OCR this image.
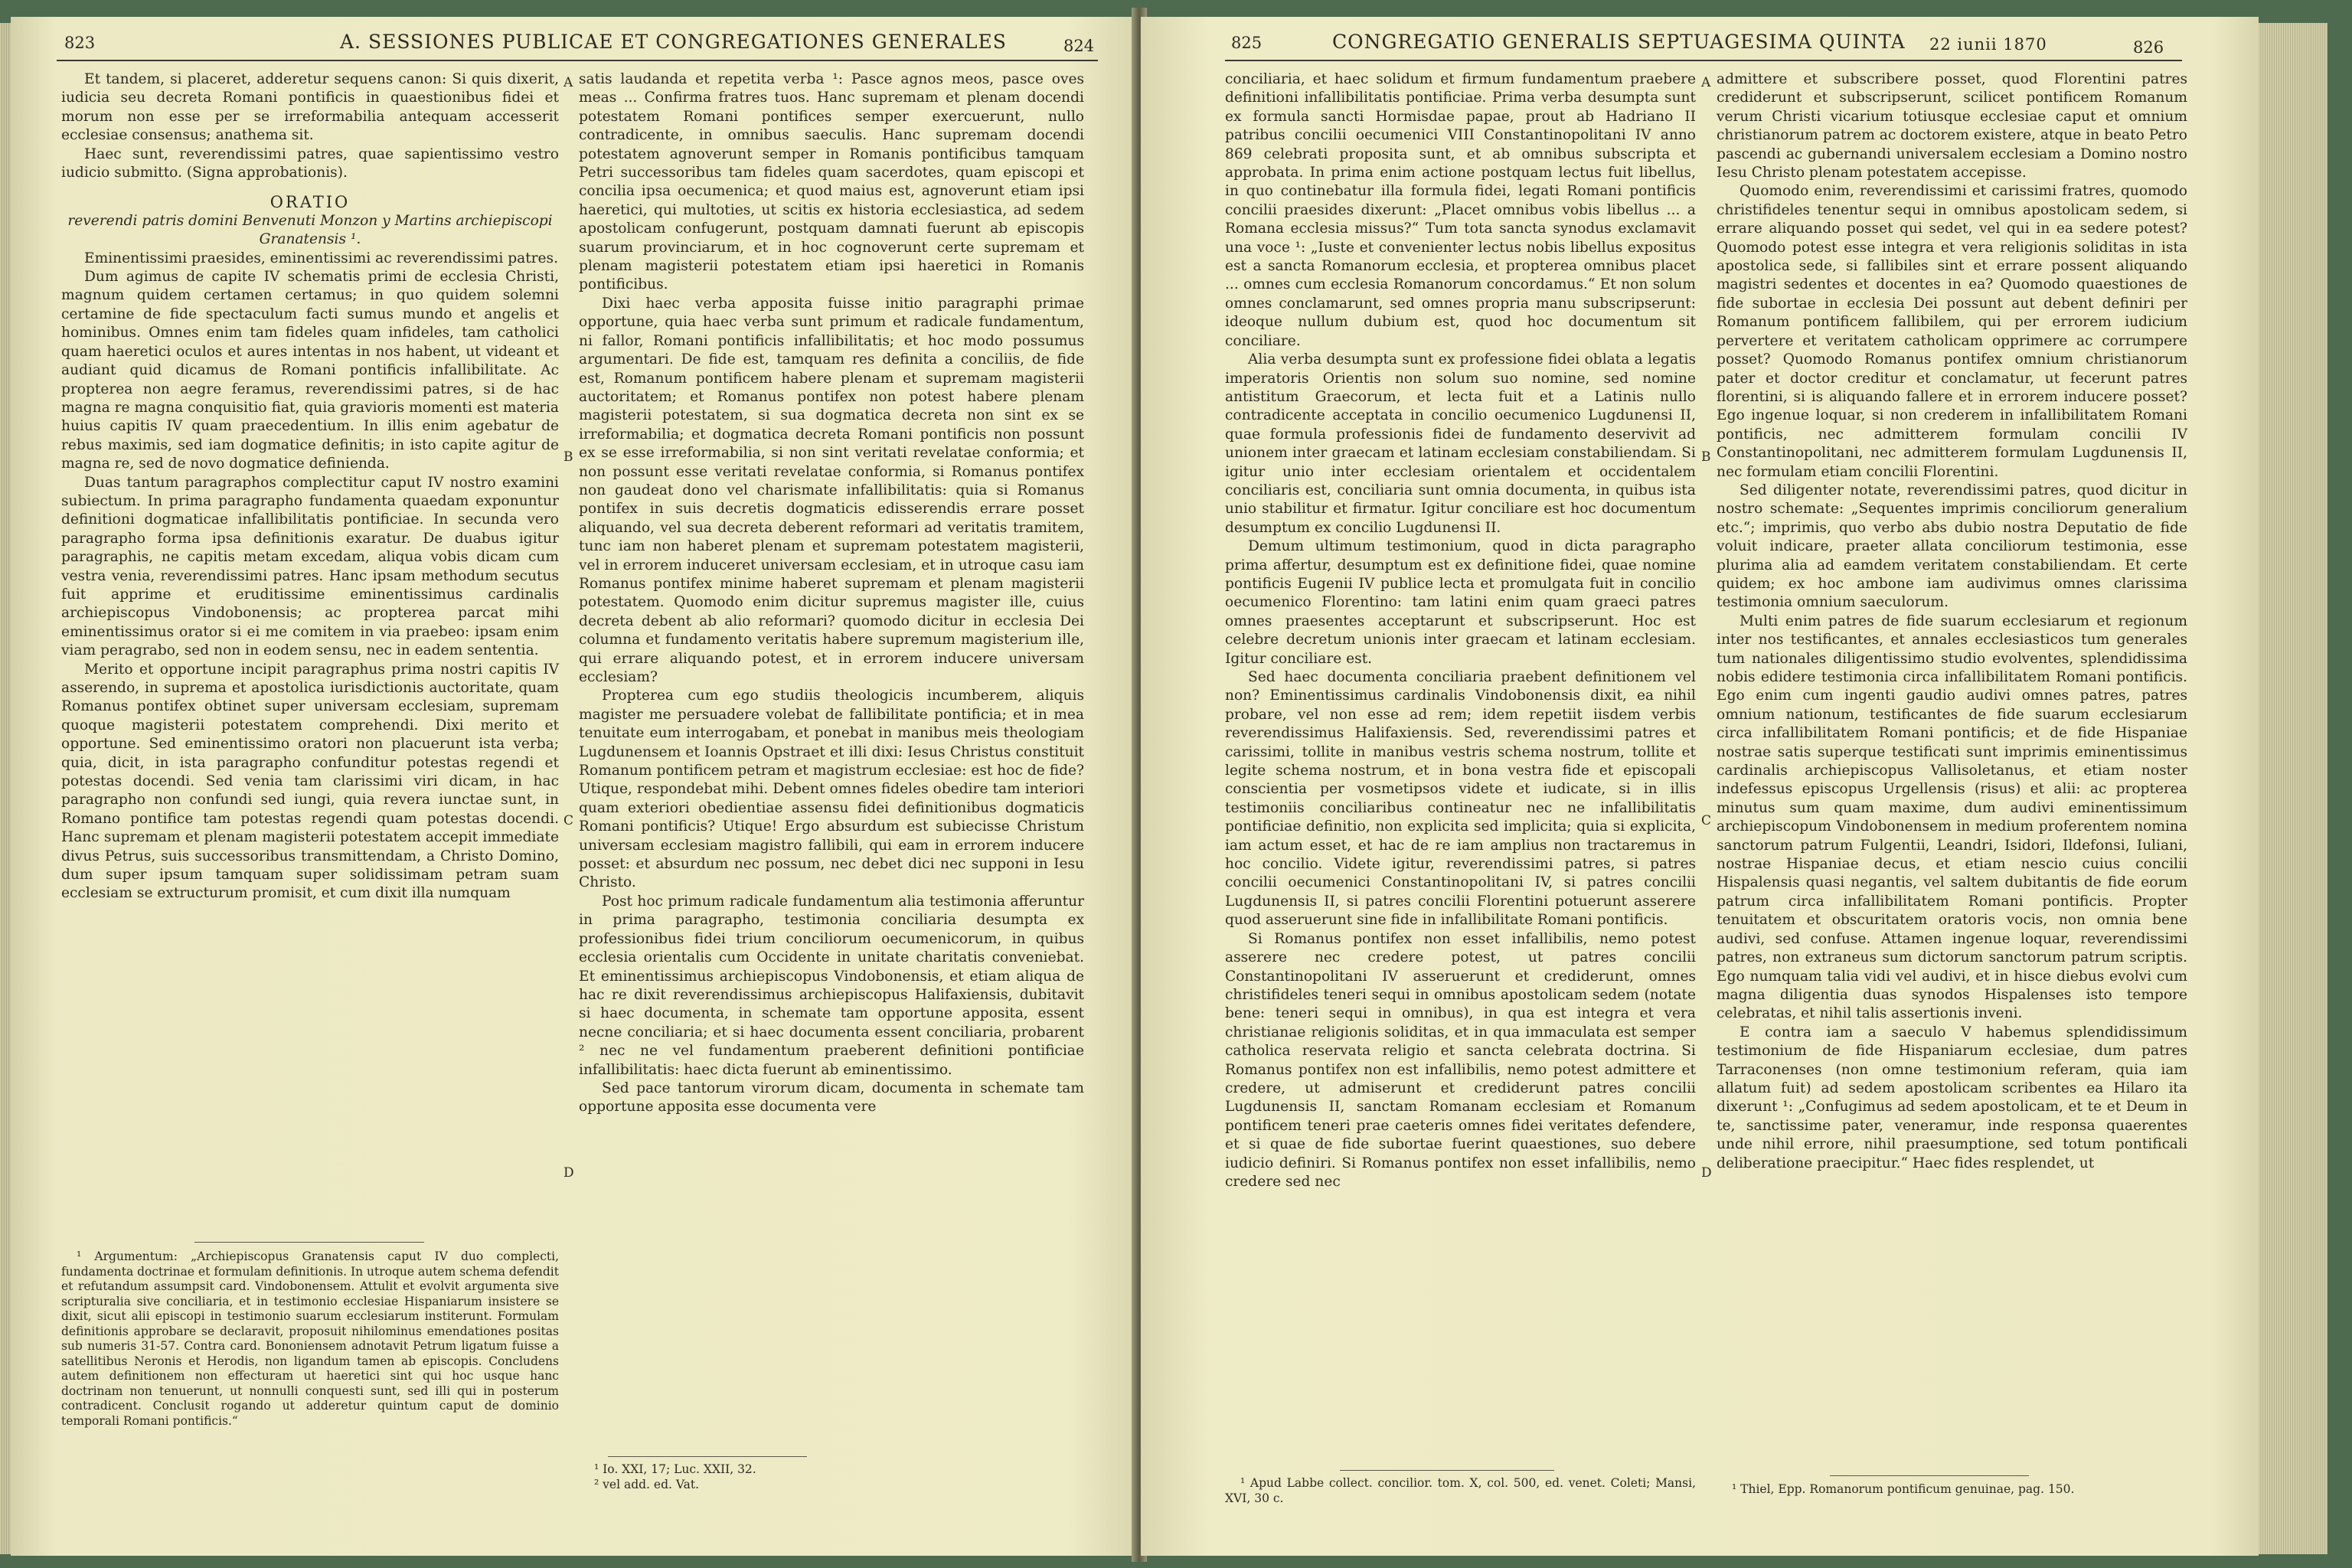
823	A. SESSIONES PUBLICAE ET CONGREGATIONES GENERALES	824

Et tandem, si placeret, adderetur sequens canon: Si quis dixerit, iudicia seu decreta Romani pontificis in quaestionibus fidei et morum non esse per se irreformabilia antequam accesserit ecclesiae consensus; anathema sit.

Haec sunt, reverendissimi patres, quae sapientissimo vestro iudicio submitto. (Signa approbationis).

ORATIO

reverendi patris domini Benvenuti Monzon y Martins archiepiscopi Granatensis ¹.

Eminentissimi praesides, eminentissimi ac reverendissimi patres.

Dum agimus de capite IV schematis primi de ecclesia Christi, magnum quidem certamen certamus; in quo quidem solemni certamine de fide spectaculum facti sumus mundo et angelis et hominibus. Omnes enim tam fideles quam infideles, tam catholici quam haeretici oculos et aures intentas in nos habent, ut videant et audiant quid dicamus de Romani pontificis infallibilitate. Ac propterea non aegre feramus, reverendissimi patres, si de hac magna re magna conquisitio fiat, quia gravioris momenti est materia huius capitis IV quam praecedentium. In illis enim agebatur de rebus maximis, sed iam dogmatice definitis; in isto capite agitur de magna re, sed de novo dogmatice definienda.

Duas tantum paragraphos complectitur caput IV nostro examini subiectum. In prima paragrapho fundamenta quaedam exponuntur definitioni dogmaticae infallibilitatis pontificiae. In secunda vero paragrapho forma ipsa definitionis exaratur. De duabus igitur paragraphis, ne capitis metam excedam, aliqua vobis dicam cum vestra venia, reverendissimi patres. Hanc ipsam methodum secutus fuit apprime et eruditissime eminentissimus cardinalis archiepiscopus Vindobonensis; ac propterea parcat mihi eminentissimus orator si ei me comitem in via praebeo: ipsam enim viam peragrabo, sed non in eodem sensu, nec in eadem sententia.

Merito et opportune incipit paragraphus prima nostri capitis IV asserendo, in suprema et apostolica iurisdictionis auctoritate, quam Romanus pontifex obtinet super universam ecclesiam, supremam quoque magisterii potestatem comprehendi. Dixi merito et opportune. Sed eminentissimo oratori non placuerunt ista verba; quia, dicit, in ista paragrapho confunditur potestas regendi et potestas docendi. Sed venia tam clarissimi viri dicam, in hac paragrapho non confundi sed iungi, quia revera iunctae sunt, in Romano pontifice tam potestas regendi quam potestas docendi. Hanc supremam et plenam magisterii potestatem accepit immediate divus Petrus, suis successoribus transmittendam, a Christo Domino, dum super ipsum tamquam super solidissimam petram suam ecclesiam se extructurum promisit, et cum dixit illa numquam

¹ Argumentum: „Archiepiscopus Granatensis caput IV duo complecti, fundamenta doctrinae et formulam definitionis. In utroque autem schema defendit et refutandum assumpsit card. Vindobonensem. Attulit et evolvit argumenta sive scripturalia sive conciliaria, et in testimonio ecclesiae Hispaniarum insistere se dixit, sicut alii episcopi in testimonio suarum ecclesiarum institerunt. Formulam definitionis approbare se declaravit, proposuit nihilominus emendationes positas sub numeris 31-57. Contra card. Bononiensem adnotavit Petrum ligatum fuisse a satellitibus Neronis et Herodis, non ligandum tamen ab episcopis. Concludens autem definitionem non effecturam ut haeretici sint qui hoc usque hanc doctrinam non tenuerunt, ut nonnulli conquesti sunt, sed illi qui in posterum contradicent. Conclusit rogando ut adderetur quintum caput de dominio temporali Romani pontificis.“

A
B
C
D

satis laudanda et repetita verba ¹: Pasce agnos meos, pasce oves meas ... Confirma fratres tuos. Hanc supremam et plenam docendi potestatem Romani pontifices semper exercuerunt, nullo contradicente, in omnibus saeculis. Hanc supremam docendi potestatem agnoverunt semper in Romanis pontificibus tamquam Petri successoribus tam fideles quam sacerdotes, quam episcopi et concilia ipsa oecumenica; et quod maius est, agnoverunt etiam ipsi haeretici, qui multoties, ut scitis ex historia ecclesiastica, ad sedem apostolicam confugerunt, postquam damnati fuerunt ab episcopis suarum provinciarum, et in hoc cognoverunt certe supremam et plenam magisterii potestatem etiam ipsi haeretici in Romanis pontificibus.

Dixi haec verba apposita fuisse initio paragraphi primae opportune, quia haec verba sunt primum et radicale fundamentum, ni fallor, Romani pontificis infallibilitatis; et hoc modo possumus argumentari. De fide est, tamquam res definita a conciliis, de fide est, Romanum pontificem habere plenam et supremam magisterii auctoritatem; et Romanus pontifex non potest habere plenam magisterii potestatem, si sua dogmatica decreta non sint ex se irreformabilia; et dogmatica decreta Romani pontificis non possunt ex se esse irreformabilia, si non sint veritati revelatae conformia; et non possunt esse veritati revelatae conformia, si Romanus pontifex non gaudeat dono vel charismate infallibilitatis: quia si Romanus pontifex in suis decretis dogmaticis edisserendis errare posset aliquando, vel sua decreta deberent reformari ad veritatis tramitem, tunc iam non haberet plenam et supremam potestatem magisterii, vel in errorem induceret universam ecclesiam, et in utroque casu iam Romanus pontifex minime haberet supremam et plenam magisterii potestatem. Quomodo enim dicitur supremus magister ille, cuius decreta debent ab alio reformari? quomodo dicitur in ecclesia Dei columna et fundamento veritatis habere supremum magisterium ille, qui errare aliquando potest, et in errorem inducere universam ecclesiam?

Propterea cum ego studiis theologicis incumberem, aliquis magister me persuadere volebat de fallibilitate pontificia; et in mea tenuitate eum interrogabam, et ponebat in manibus meis theologiam Lugdunensem et Ioannis Opstraet et illi dixi: Iesus Christus constituit Romanum pontificem petram et magistrum ecclesiae: est hoc de fide? Utique, respondebat mihi. Debent omnes fideles obedire tam interiori quam exteriori obedientiae assensu fidei definitionibus dogmaticis Romani pontificis? Utique! Ergo absurdum est subiecisse Christum universam ecclesiam magistro fallibili, qui eam in errorem inducere posset: et absurdum nec possum, nec debet dici nec supponi in Iesu Christo.

Post hoc primum radicale fundamentum alia testimonia afferuntur in prima paragrapho, testimonia conciliaria desumpta ex professionibus fidei trium conciliorum oecumenicorum, in quibus ecclesia orientalis cum Occidente in unitate charitatis conveniebat. Et eminentissimus archiepiscopus Vindobonensis, et etiam aliqua de hac re dixit reverendissimus archiepiscopus Halifaxiensis, dubitavit si haec documenta, in schemate tam opportune apposita, essent necne conciliaria; et si haec documenta essent conciliaria, probarent ² nec ne vel fundamentum praeberent definitioni pontificiae infallibilitatis: haec dicta fuerunt ab eminentissimo.

Sed pace tantorum virorum dicam, documenta in schemate tam opportune apposita esse documenta vere

¹ Io. XXI, 17; Luc. XXII, 32.

² vel add. ed. Vat.

825	CONGREGATIO GENERALIS SEPTUAGESIMA QUINTA 22 iunii 1870	826

conciliaria, et haec solidum et firmum fundamentum praebere definitioni infallibilitatis pontificiae. Prima verba desumpta sunt ex formula sancti Hormisdae papae, prout ab Hadriano II patribus concilii oecumenici VIII Constantinopolitani IV anno 869 celebrati proposita sunt, et ab omnibus subscripta et approbata. In prima enim actione postquam lectus fuit libellus, in quo continebatur illa formula fidei, legati Romani pontificis concilii praesides dixerunt: „Placet omnibus vobis libellus ... a Romana ecclesia missus?“ Tum tota sancta synodus exclamavit una voce ¹: „Iuste et convenienter lectus nobis libellus expositus est a sancta Romanorum ecclesia, et propterea omnibus placet ... omnes cum ecclesia Romanorum concordamus.“ Et non solum omnes conclamarunt, sed omnes propria manu subscripserunt: ideoque nullum dubium est, quod hoc documentum sit conciliare.

Alia verba desumpta sunt ex professione fidei oblata a legatis imperatoris Orientis non solum suo nomine, sed nomine antistitum Graecorum, et lecta fuit et a Latinis nullo contradicente acceptata in concilio oecumenico Lugdunensi II, quae formula professionis fidei de fundamento deservivit ad unionem inter graecam et latinam ecclesiam constabiliendam. Si igitur unio inter ecclesiam orientalem et occidentalem conciliaris est, conciliaria sunt omnia documenta, in quibus ista unio stabilitur et firmatur. Igitur conciliare est hoc documentum desumptum ex concilio Lugdunensi II.

Demum ultimum testimonium, quod in dicta paragrapho prima affertur, desumptum est ex definitione fidei, quae nomine pontificis Eugenii IV publice lecta et promulgata fuit in concilio oecumenico Florentino: tam latini enim quam graeci patres omnes praesentes acceptarunt et subscripserunt. Hoc est celebre decretum unionis inter graecam et latinam ecclesiam. Igitur conciliare est.

Sed haec documenta conciliaria praebent definitionem vel non? Eminentissimus cardinalis Vindobonensis dixit, ea nihil probare, vel non esse ad rem; idem repetiit iisdem verbis reverendissimus Halifaxiensis. Sed, reverendissimi patres et carissimi, tollite in manibus vestris schema nostrum, tollite et legite schema nostrum, et in bona vestra fide et episcopali conscientia per vosmetipsos videte et iudicate, si in illis testimoniis conciliaribus contineatur nec ne infallibilitatis pontificiae definitio, non explicita sed implicita; quia si explicita, iam actum esset, et hac de re iam amplius non tractaremus in hoc concilio. Videte igitur, reverendissimi patres, si patres concilii oecumenici Constantinopolitani IV, si patres concilii Lugdunensis II, si patres concilii Florentini potuerunt asserere quod asseruerunt sine fide in infallibilitate Romani pontificis.

Si Romanus pontifex non esset infallibilis, nemo potest asserere nec credere potest, ut patres concilii Constantinopolitani IV asseruerunt et crediderunt, omnes christifideles teneri sequi in omnibus apostolicam sedem (notate bene: teneri sequi in omnibus), in qua est integra et vera christianae religionis soliditas, et in qua immaculata est semper catholica reservata religio et sancta celebrata doctrina. Si Romanus pontifex non est infallibilis, nemo potest admittere et credere, ut admiserunt et crediderunt patres concilii Lugdunensis II, sanctam Romanam ecclesiam et Romanum pontificem teneri prae caeteris omnes fidei veritates defendere, et si quae de fide subortae fuerint quaestiones, suo debere iudicio definiri. Si Romanus pontifex non esset infallibilis, nemo credere sed nec

¹ Apud Labbe collect. concilior. tom. X, col. 500, ed. venet. Coleti; Mansi, XVI, 30 c.

A
B
C
D

admittere et subscribere posset, quod Florentini patres crediderunt et subscripserunt, scilicet pontificem Romanum verum Christi vicarium totiusque ecclesiae caput et omnium christianorum patrem ac doctorem existere, atque in beato Petro pascendi ac gubernandi universalem ecclesiam a Domino nostro Iesu Christo plenam potestatem accepisse.

Quomodo enim, reverendissimi et carissimi fratres, quomodo christifideles tenentur sequi in omnibus apostolicam sedem, si errare aliquando posset qui sedet, vel qui in ea sedere potest? Quomodo potest esse integra et vera religionis soliditas in ista apostolica sede, si fallibiles sint et errare possent aliquando magistri sedentes et docentes in ea? Quomodo quaestiones de fide subortae in ecclesia Dei possunt aut debent definiri per Romanum pontificem fallibilem, qui per errorem iudicium pervertere et veritatem catholicam opprimere ac corrumpere posset? Quomodo Romanus pontifex omnium christianorum pater et doctor creditur et conclamatur, ut fecerunt patres florentini, si is aliquando fallere et in errorem inducere posset? Ego ingenue loquar, si non crederem in infallibilitatem Romani pontificis, nec admitterem formulam concilii IV Constantinopolitani, nec admitterem formulam Lugdunensis II, nec formulam etiam concilii Florentini.

Sed diligenter notate, reverendissimi patres, quod dicitur in nostro schemate: „Sequentes imprimis conciliorum generalium etc.“; imprimis, quo verbo abs dubio nostra Deputatio de fide voluit indicare, praeter allata conciliorum testimonia, esse plurima alia ad eamdem veritatem constabiliendam. Et certe quidem; ex hoc ambone iam audivimus omnes clarissima testimonia omnium saeculorum.

Multi enim patres de fide suarum ecclesiarum et regionum inter nos testificantes, et annales ecclesiasticos tum generales tum nationales diligentissimo studio evolventes, splendidissima nobis edidere testimonia circa infallibilitatem Romani pontificis. Ego enim cum ingenti gaudio audivi omnes patres, patres omnium nationum, testificantes de fide suarum ecclesiarum circa infallibilitatem Romani pontificis; et de fide Hispaniae nostrae satis superque testificati sunt imprimis eminentissimus cardinalis archiepiscopus Vallisoletanus, et etiam noster indefessus episcopus Urgellensis (risus) et alii: ac propterea minutus sum quam maxime, dum audivi eminentissimum archiepiscopum Vindobonensem in medium proferentem nomina sanctorum patrum Fulgentii, Leandri, Isidori, Ildefonsi, Iuliani, nostrae Hispaniae decus, et etiam nescio cuius concilii Hispalensis quasi negantis, vel saltem dubitantis de fide eorum patrum circa infallibilitatem Romani pontificis. Propter tenuitatem et obscuritatem oratoris vocis, non omnia bene audivi, sed confuse. Attamen ingenue loquar, reverendissimi patres, non extraneus sum dictorum sanctorum patrum scriptis. Ego numquam talia vidi vel audivi, et in hisce diebus evolvi cum magna diligentia duas synodos Hispalenses isto tempore celebratas, et nihil talis assertionis inveni.

E contra iam a saeculo V habemus splendidissimum testimonium de fide Hispaniarum ecclesiae, dum patres Tarraconenses (non omne testimonium referam, quia iam allatum fuit) ad sedem apostolicam scribentes ea Hilaro ita dixerunt ¹: „Confugimus ad sedem apostolicam, et te et Deum in te, sanctissime pater, veneramur, inde responsa quaerentes unde nihil errore, nihil praesumptione, sed totum pontificali deliberatione praecipitur.“ Haec fides resplendet, ut

¹ Thiel, Epp. Romanorum pontificum genuinae, pag. 150.
